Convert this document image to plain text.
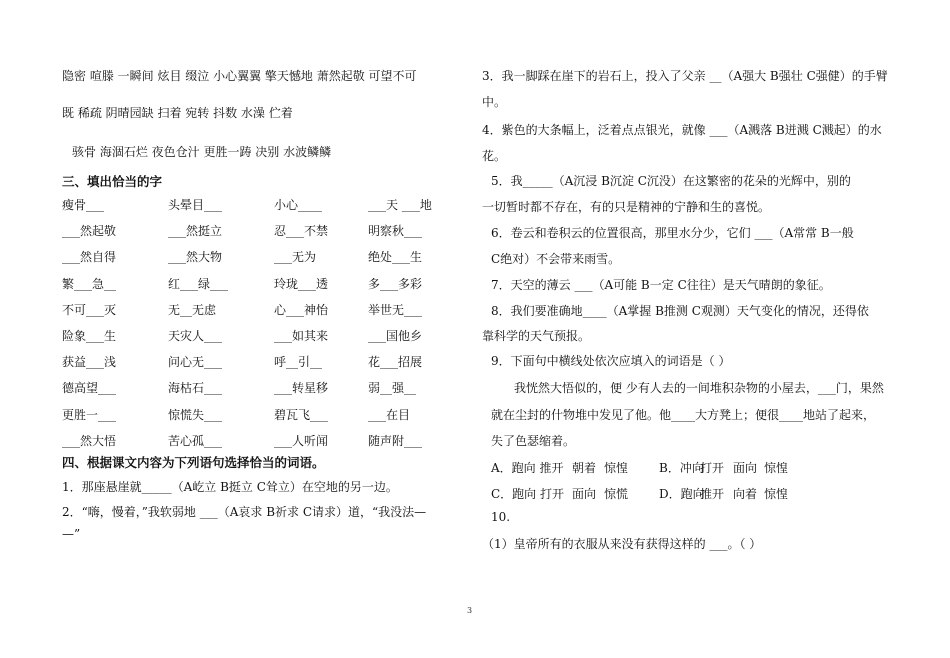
隐密 喧滕 一瞬间 炫目 缀泣 小心翼翼 擎天憾地 萧然起敬 可望不可
既 稀疏 阴晴园缺 扫着 宛转 抖数 水澡 伫着
骇骨 海涸石烂 夜色仓汁 更胜一踌 决别 水波鳞鳞
三、填出恰当的字
瘦骨___	头晕目___	小心____	___天 ___地
___然起敬	___然挺立	忍___不禁	明察秋___
___然自得	___然大物	___无为	绝处___生
繁___急__	红___绿___	玲珑___透	多___多彩
不可___灭	无__无虑	心___神怡	举世无___
险象___生	天灾人___	___如其来	___国他乡
获益___浅	问心无___	呼__引__	花___招展
德高望___	海枯石___	___转星移	弱__强__
更胜一___	惊慌失___	碧瓦飞___	___在目
___然大悟	苦心孤___	___人听闻	随声附___
四、根据课文内容为下列语句选择恰当的词语。
1．那座悬崖就_____（A屹立 B挺立 C耸立）在空地的另一边。
2．“嗨，慢着，”我软弱地 ___（A哀求 B祈求 C请求）道，“我没法—
—”
3．我一脚踩在崖下的岩石上，投入了父亲 __（A强大 B强壮 C强健）的手臂
中。
4．紫色的大条幅上，泛着点点银光，就像 ___（A溅落 B迸溅 C溅起）的水
花。
5．我_____（A沉浸 B沉淀 C沉没）在这繁密的花朵的光辉中，别的
一切暂时都不存在，有的只是精神的宁静和生的喜悦。
6．卷云和卷积云的位置很高，那里水分少，它们 ___（A常常 B一般
C绝对）不会带来雨雪。
7．天空的薄云 ___（A可能 B一定 C往往）是天气晴朗的象征。
8．我们要准确地____（A掌握 B推测 C观测）天气变化的情况，还得依
靠科学的天气预报。
9．下面句中横线处依次应填入的词语是（ ）
我恍然大悟似的，便 少有人去的一间堆积杂物的小屋去，___门，果然
就在尘封的什物堆中发见了他。他____大方凳上；便很____地站了起来，
失了色瑟缩着。
A．跑向 推开 朝着 惊惶	B．冲向
打开 面向 惊惶
C．跑向 打开 面向 惊慌	D．跑向
推开 向着 惊惶
10.
（1）皇帝所有的衣服从来没有获得这样的 ___。（ ）
3
